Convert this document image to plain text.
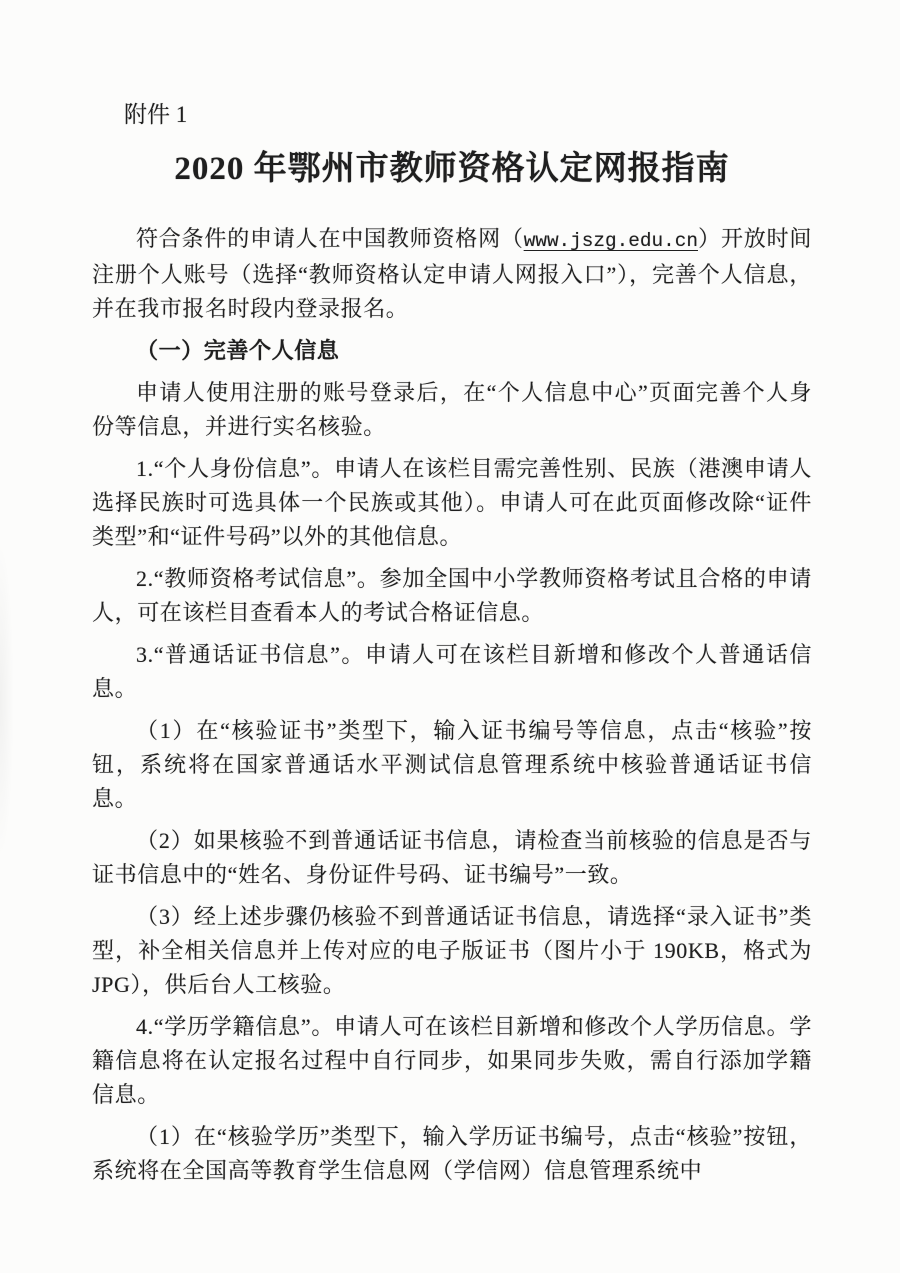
附件 1

2020 年鄂州市教师资格认定网报指南

符合条件的申请人在中国教师资格网（www.jszg.edu.cn）开放时间注册个人账号（选择“教师资格认定申请人网报入口”），完善个人信息，并在我市报名时段内登录报名。

（一）完善个人信息

申请人使用注册的账号登录后，在“个人信息中心”页面完善个人身份等信息，并进行实名核验。

1.“个人身份信息”。申请人在该栏目需完善性别、民族（港澳申请人选择民族时可选具体一个民族或其他）。申请人可在此页面修改除“证件类型”和“证件号码”以外的其他信息。

2.“教师资格考试信息”。参加全国中小学教师资格考试且合格的申请人，可在该栏目查看本人的考试合格证信息。

3.“普通话证书信息”。申请人可在该栏目新增和修改个人普通话信息。

（1）在“核验证书”类型下，输入证书编号等信息，点击“核验”按钮，系统将在国家普通话水平测试信息管理系统中核验普通话证书信息。

（2）如果核验不到普通话证书信息，请检查当前核验的信息是否与证书信息中的“姓名、身份证件号码、证书编号”一致。

（3）经上述步骤仍核验不到普通话证书信息，请选择“录入证书”类型，补全相关信息并上传对应的电子版证书（图片小于 190KB，格式为 JPG），供后台人工核验。

4.“学历学籍信息”。申请人可在该栏目新增和修改个人学历信息。学籍信息将在认定报名过程中自行同步，如果同步失败，需自行添加学籍信息。

（1）在“核验学历”类型下，输入学历证书编号，点击“核验”按钮，系统将在全国高等教育学生信息网（学信网）信息管理系统中
